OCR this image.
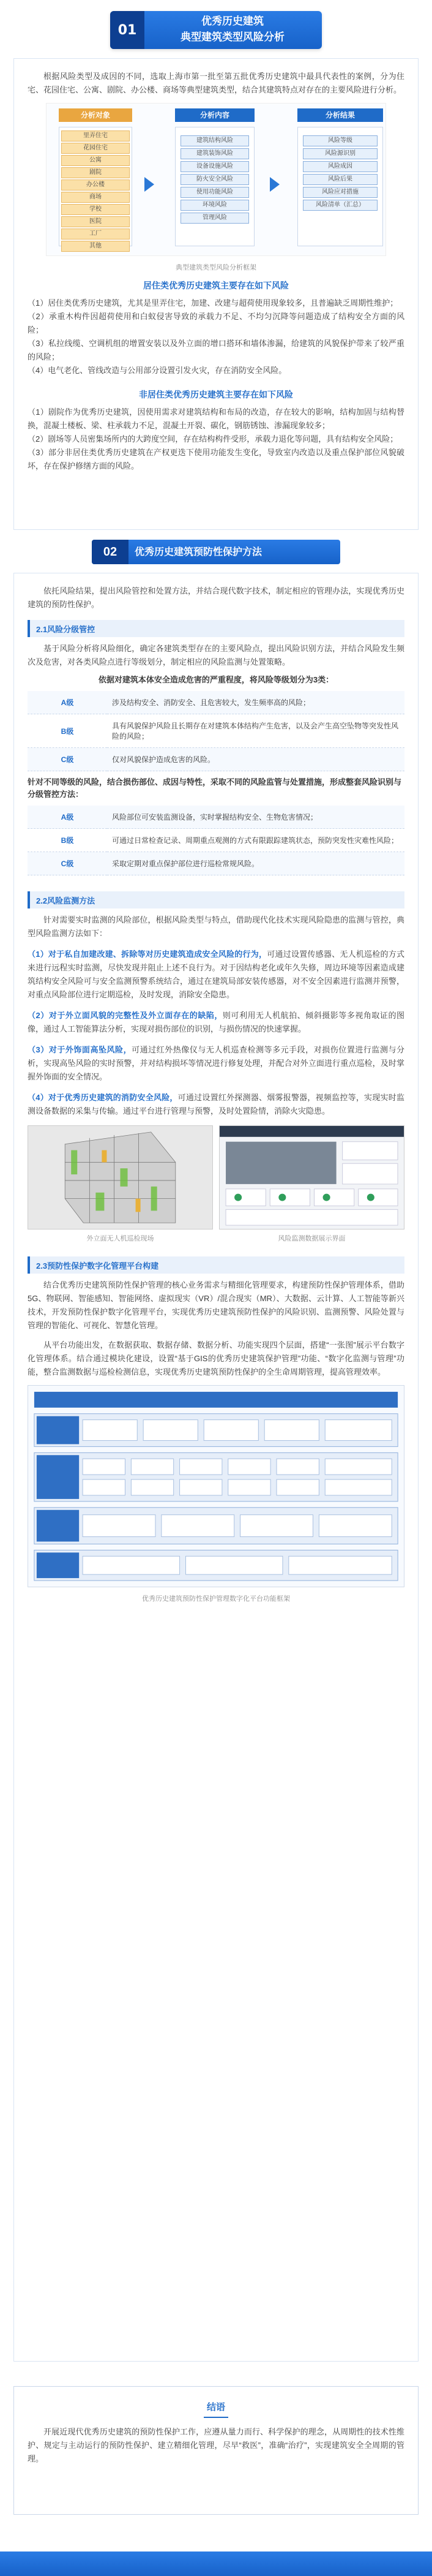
01
优秀历史建筑
典型建筑类型风险分析

根据风险类型及成因的不同，选取上海市第一批至第五批优秀历史建筑中最具代表性的案例，分为住宅、花园住宅、公寓、剧院、办公楼、商场等典型建筑类型，结合其建筑特点对存在的主要风险进行分析。

分析对象	分析内容	分析结果
里弄住宅
花园住宅
公寓
剧院
办公楼
商场
学校
医院
工厂
其他
建筑结构风险
建筑装饰风险
设备设施风险
防火安全风险
使用功能风险
环境风险
管理风险
风险等级
风险源识别
风险成因
风险后果
风险应对措施
风险清单（汇总）

典型建筑类型风险分析框架

居住类优秀历史建筑主要存在如下风险

（1）居住类优秀历史建筑，尤其是里弄住宅，加建、改建与超荷使用现象较多，且普遍缺乏周期性维护；

（2）承重木构件因超荷使用和白蚁侵害导致的承载力不足、不均匀沉降等问题造成了结构安全方面的风险；

（3）私拉线缆、空调机组的增置安装以及外立面的增口搭环和墙体渗漏，给建筑的风貌保护带来了较严重的风险；

（4）电气老化、管线改造与公用部分设置引发火灾，存在消防安全风险。

非居住类优秀历史建筑主要存在如下风险

（1）剧院作为优秀历史建筑，因使用需求对建筑结构和布局的改造，存在较大的影响，结构加固与结构替换，混凝土楼板、梁、柱承载力不足，混凝土开裂、碳化，钢筋锈蚀、渗漏现象较多；

（2）剧场等人员密集场所内的大跨度空间，存在结构构件受形，承载力退化等问题，具有结构安全风险；

（3）部分非居住类优秀历史建筑在产权更迭下使用功能发生变化，导致室内改造以及重点保护部位风貌破坏，存在保护修缮方面的风险。

02	优秀历史建筑预防性保护方法

依托风险结果，提出风险管控和处置方法，并结合现代数字技术，制定相应的管理办法，实现优秀历史建筑的预防性保护。

2.1风险分级管控

基于风险分析将风险细化，确定各建筑类型存在的主要风险点，提出风险识别方法，并结合风险发生频次及危害，对各类风险点进行等级划分，制定相应的风险监测与处置策略。

依据对建筑本体安全造成危害的严重程度，将风险等级划分为3类：

A级	涉及结构安全、消防安全、且危害较大，发生频率高的风险；
B级	具有风貌保护风险且长期存在对建筑本体结构产生危害，以及会产生高空坠物等突发性风险的风险；
C级	仅对风貌保护造成危害的风险。

针对不同等级的风险，结合损伤部位、成因与特性，采取不同的风险监管与处置措施，形成整套风险识别与分级管控方法：

A级	风险部位可安装监测设备，实时掌握结构安全、生物危害情况；
B级	可通过日常检查记录、周期重点观测的方式有限跟踪建筑状态，预防突发性灾难性风险；
C级	采取定期对重点保护部位进行巡检常规风险。
2.2风险监测方法

针对需要实时监测的风险部位，根据风险类型与特点，借助现代化技术实现风险隐患的监测与管控，典型风险监测方法如下：

（1）对于私自加建改建、拆除等对历史建筑造成安全风险的行为，可通过设置传感器、无人机巡检的方式来进行远程实时监测，尽快发现并阻止上述不良行为。对于因结构老化或年久失修，周边环境等因素造成建筑结构安全风险可与安全监测预警系统结合，通过在建筑局部安装传感器，对不安全因素进行监测并预警，对重点风险部位进行定期巡检，及时发现，消除安全隐患。

（2）对于外立面风貌的完整性及外立面存在的缺陷，则可利用无人机航拍、倾斜摄影等多视角取证的图像，通过人工智能算法分析，实现对损伤部位的识别，与损伤情况的快速掌握。

（3）对于外饰面高坠风险，可通过红外热像仪与无人机巡查检测等多元手段，对损伤位置进行监测与分析，实现高坠风险的实时预警，并对结构损坏等情况进行修复处理，并配合对外立面进行重点巡检，及时掌握外饰面的安全情况。

（4）对于优秀历史建筑的消防安全风险，可通过设置红外探测器、烟雾报警器，视频监控等，实现实时监测设备数据的采集与传输。通过平台进行管理与预警，及时处置险情，消除火灾隐患。

外立面无人机巡检现场	风险监测数据展示界面

2.3预防性保护数字化管理平台构建

结合优秀历史建筑预防性保护管理的核心业务需求与精细化管理要求，构建预防性保护管理体系，借助5G、物联网、智能感知、智能网络、虚拟现实（VR）/混合现实（MR）、大数据、云计算、人工智能等新兴技术，开发预防性保护数字化管理平台，实现优秀历史建筑预防性保护的风险识别、监测预警、风险处置与管理的智能化、可视化、智慧化管理。

从平台功能出发，在数据获取、数据存储、数据分析、功能实现四个层面，搭建“一张图”展示平台数字化管理体系。结合通过模块化建设，设置“基于GIS的优秀历史建筑保护管理”功能、“数字化监测与管理”功能，整合监测数据与巡检检测信息，实现优秀历史建筑预防性保护的全生命周期管理，提高管理效率。

优秀历史建筑预防性保护管理数字化平台功能框架

结语

开展近现代优秀历史建筑的预防性保护工作，应遵从量力而行、科学保护的理念，从周期性的技术性维护、规定与主动运行的预防性保护、建立精细化管理，尽早“救医”，准确“治疗”，实现建筑安全全周期的管理。
